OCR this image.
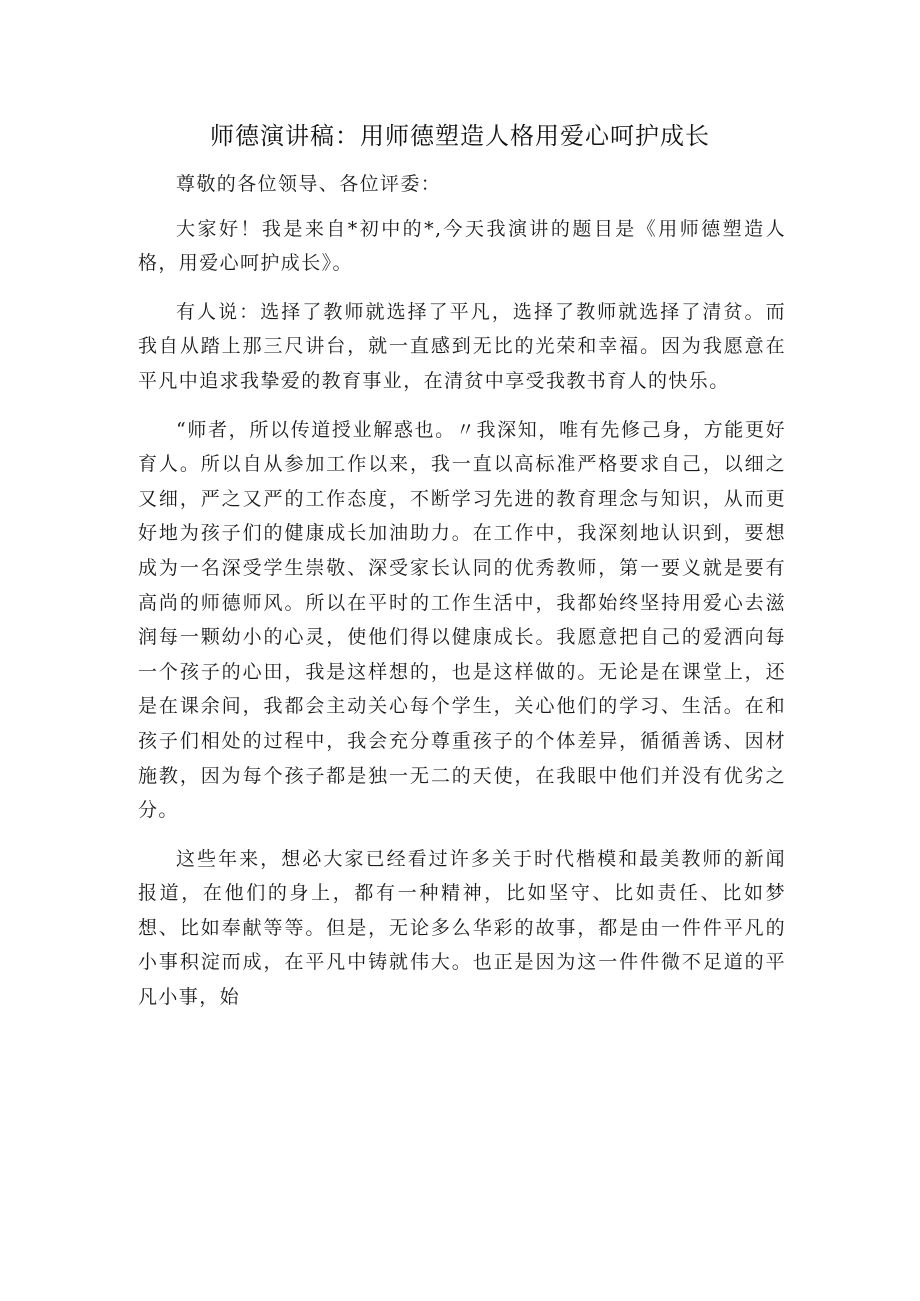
师德演讲稿：用师德塑造人格用爱心呵护成长

尊敬的各位领导、各位评委：

大家好！我是来自*初中的*,今天我演讲的题目是《用师德塑造人格，用爱心呵护成长》。

有人说：选择了教师就选择了平凡，选择了教师就选择了清贫。而我自从踏上那三尺讲台，就一直感到无比的光荣和幸福。因为我愿意在平凡中追求我挚爱的教育事业，在清贫中享受我教书育人的快乐。

“师者，所以传道授业解惑也。〃我深知，唯有先修己身，方能更好育人。所以自从参加工作以来，我一直以高标准严格要求自己，以细之又细，严之又严的工作态度，不断学习先进的教育理念与知识，从而更好地为孩子们的健康成长加油助力。在工作中，我深刻地认识到，要想成为一名深受学生崇敬、深受家长认同的优秀教师，第一要义就是要有高尚的师德师风。所以在平时的工作生活中，我都始终坚持用爱心去滋润每一颗幼小的心灵，使他们得以健康成长。我愿意把自己的爱洒向每一个孩子的心田，我是这样想的，也是这样做的。无论是在课堂上，还是在课余间，我都会主动关心每个学生，关心他们的学习、生活。在和孩子们相处的过程中，我会充分尊重孩子的个体差异，循循善诱、因材施教，因为每个孩子都是独一无二的天使，在我眼中他们并没有优劣之分。

这些年来，想必大家已经看过许多关于时代楷模和最美教师的新闻报道，在他们的身上，都有一种精神，比如坚守、比如责任、比如梦想、比如奉献等等。但是，无论多么华彩的故事，都是由一件件平凡的小事积淀而成，在平凡中铸就伟大。也正是因为这一件件微不足道的平凡小事，始
